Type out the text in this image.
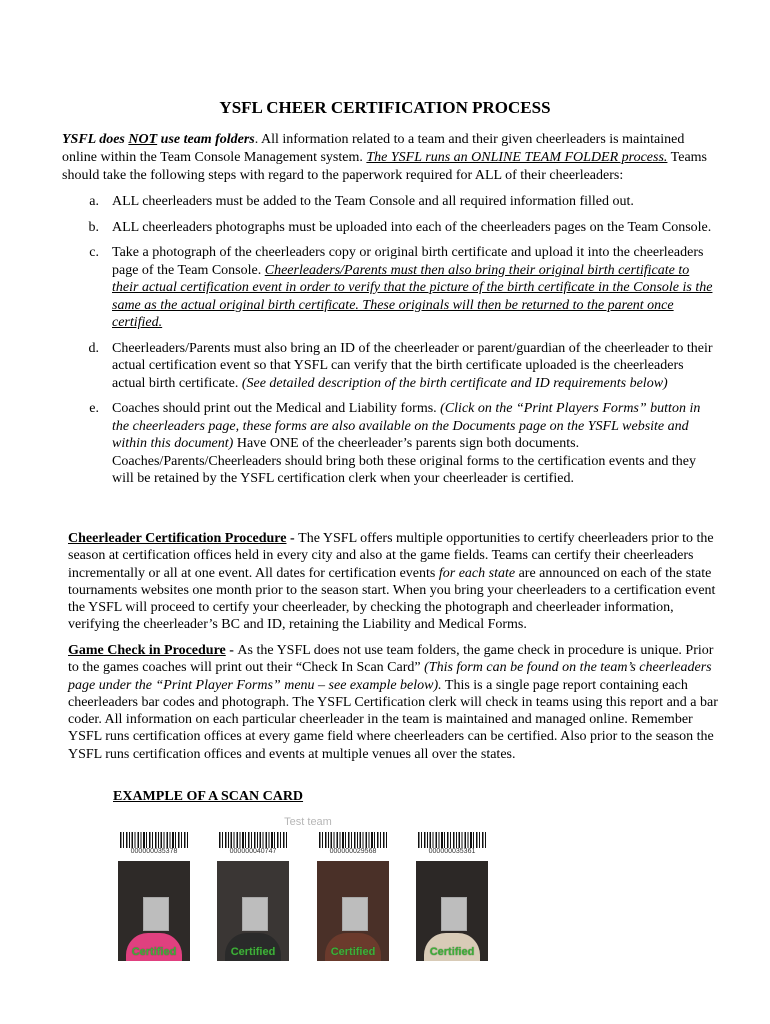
YSFL CHEER CERTIFICATION PROCESS

YSFL does NOT use team folders. All information related to a team and their given cheerleaders is maintained online within the Team Console Management system. The YSFL runs an ONLINE TEAM FOLDER process. Teams should take the following steps with regard to the paperwork required for ALL of their cheerleaders:

a. ALL cheerleaders must be added to the Team Console and all required information filled out.
b. ALL cheerleaders photographs must be uploaded into each of the cheerleaders pages on the Team Console.
c. Take a photograph of the cheerleaders copy or original birth certificate and upload it into the cheerleaders page of the Team Console. Cheerleaders/Parents must then also bring their original birth certificate to their actual certification event in order to verify that the picture of the birth certificate in the Console is the same as the actual original birth certificate. These originals will then be returned to the parent once certified.
d. Cheerleaders/Parents must also bring an ID of the cheerleader or parent/guardian of the cheerleader to their actual certification event so that YSFL can verify that the birth certificate uploaded is the cheerleaders actual birth certificate. (See detailed description of the birth certificate and ID requirements below)
e. Coaches should print out the Medical and Liability forms. (Click on the “Print Players Forms” button in the cheerleaders page, these forms are also available on the Documents page on the YSFL website and within this document) Have ONE of the cheerleader’s parents sign both documents. Coaches/Parents/Cheerleaders should bring both these original forms to the certification events and they will be retained by the YSFL certification clerk when your cheerleader is certified.

Cheerleader Certification Procedure - The YSFL offers multiple opportunities to certify cheerleaders prior to the season at certification offices held in every city and also at the game fields. Teams can certify their cheerleaders incrementally or all at one event. All dates for certification events for each state are announced on each of the state tournaments websites one month prior to the season start. When you bring your cheerleaders to a certification event the YSFL will proceed to certify your cheerleader, by checking the photograph and cheerleader information, verifying the cheerleader’s BC and ID, retaining the Liability and Medical Forms.

Game Check in Procedure - As the YSFL does not use team folders, the game check in procedure is unique. Prior to the games coaches will print out their “Check In Scan Card” (This form can be found on the team’s cheerleaders page under the “Print Player Forms” menu – see example below). This is a single page report containing each cheerleaders bar codes and photograph. The YSFL Certification clerk will check in teams using this report and a bar coder. All information on each particular cheerleader in the team is maintained and managed online. Remember YSFL runs certification offices at every game field where cheerleaders can be certified. Also prior to the season the YSFL runs certification offices and events at multiple venues all over the states.

EXAMPLE OF A SCAN CARD
Test team
000000035378
Certified
000000040747
Certified
000000029568
Certified
000000035361
Certified
